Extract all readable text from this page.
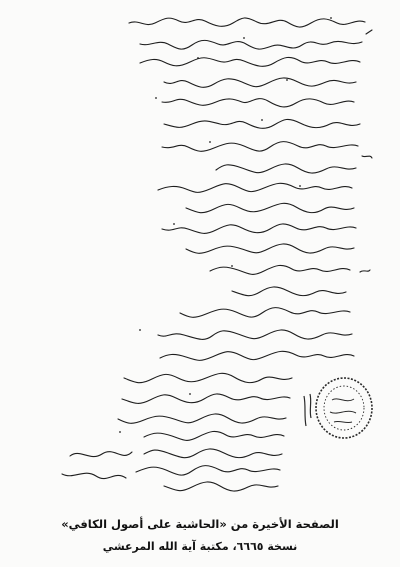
الصفحة الأخيرة من «الحاشية على أصول الكافي»
نسخة ٦٦٦٥، مكتبة آية الله المرعشي
